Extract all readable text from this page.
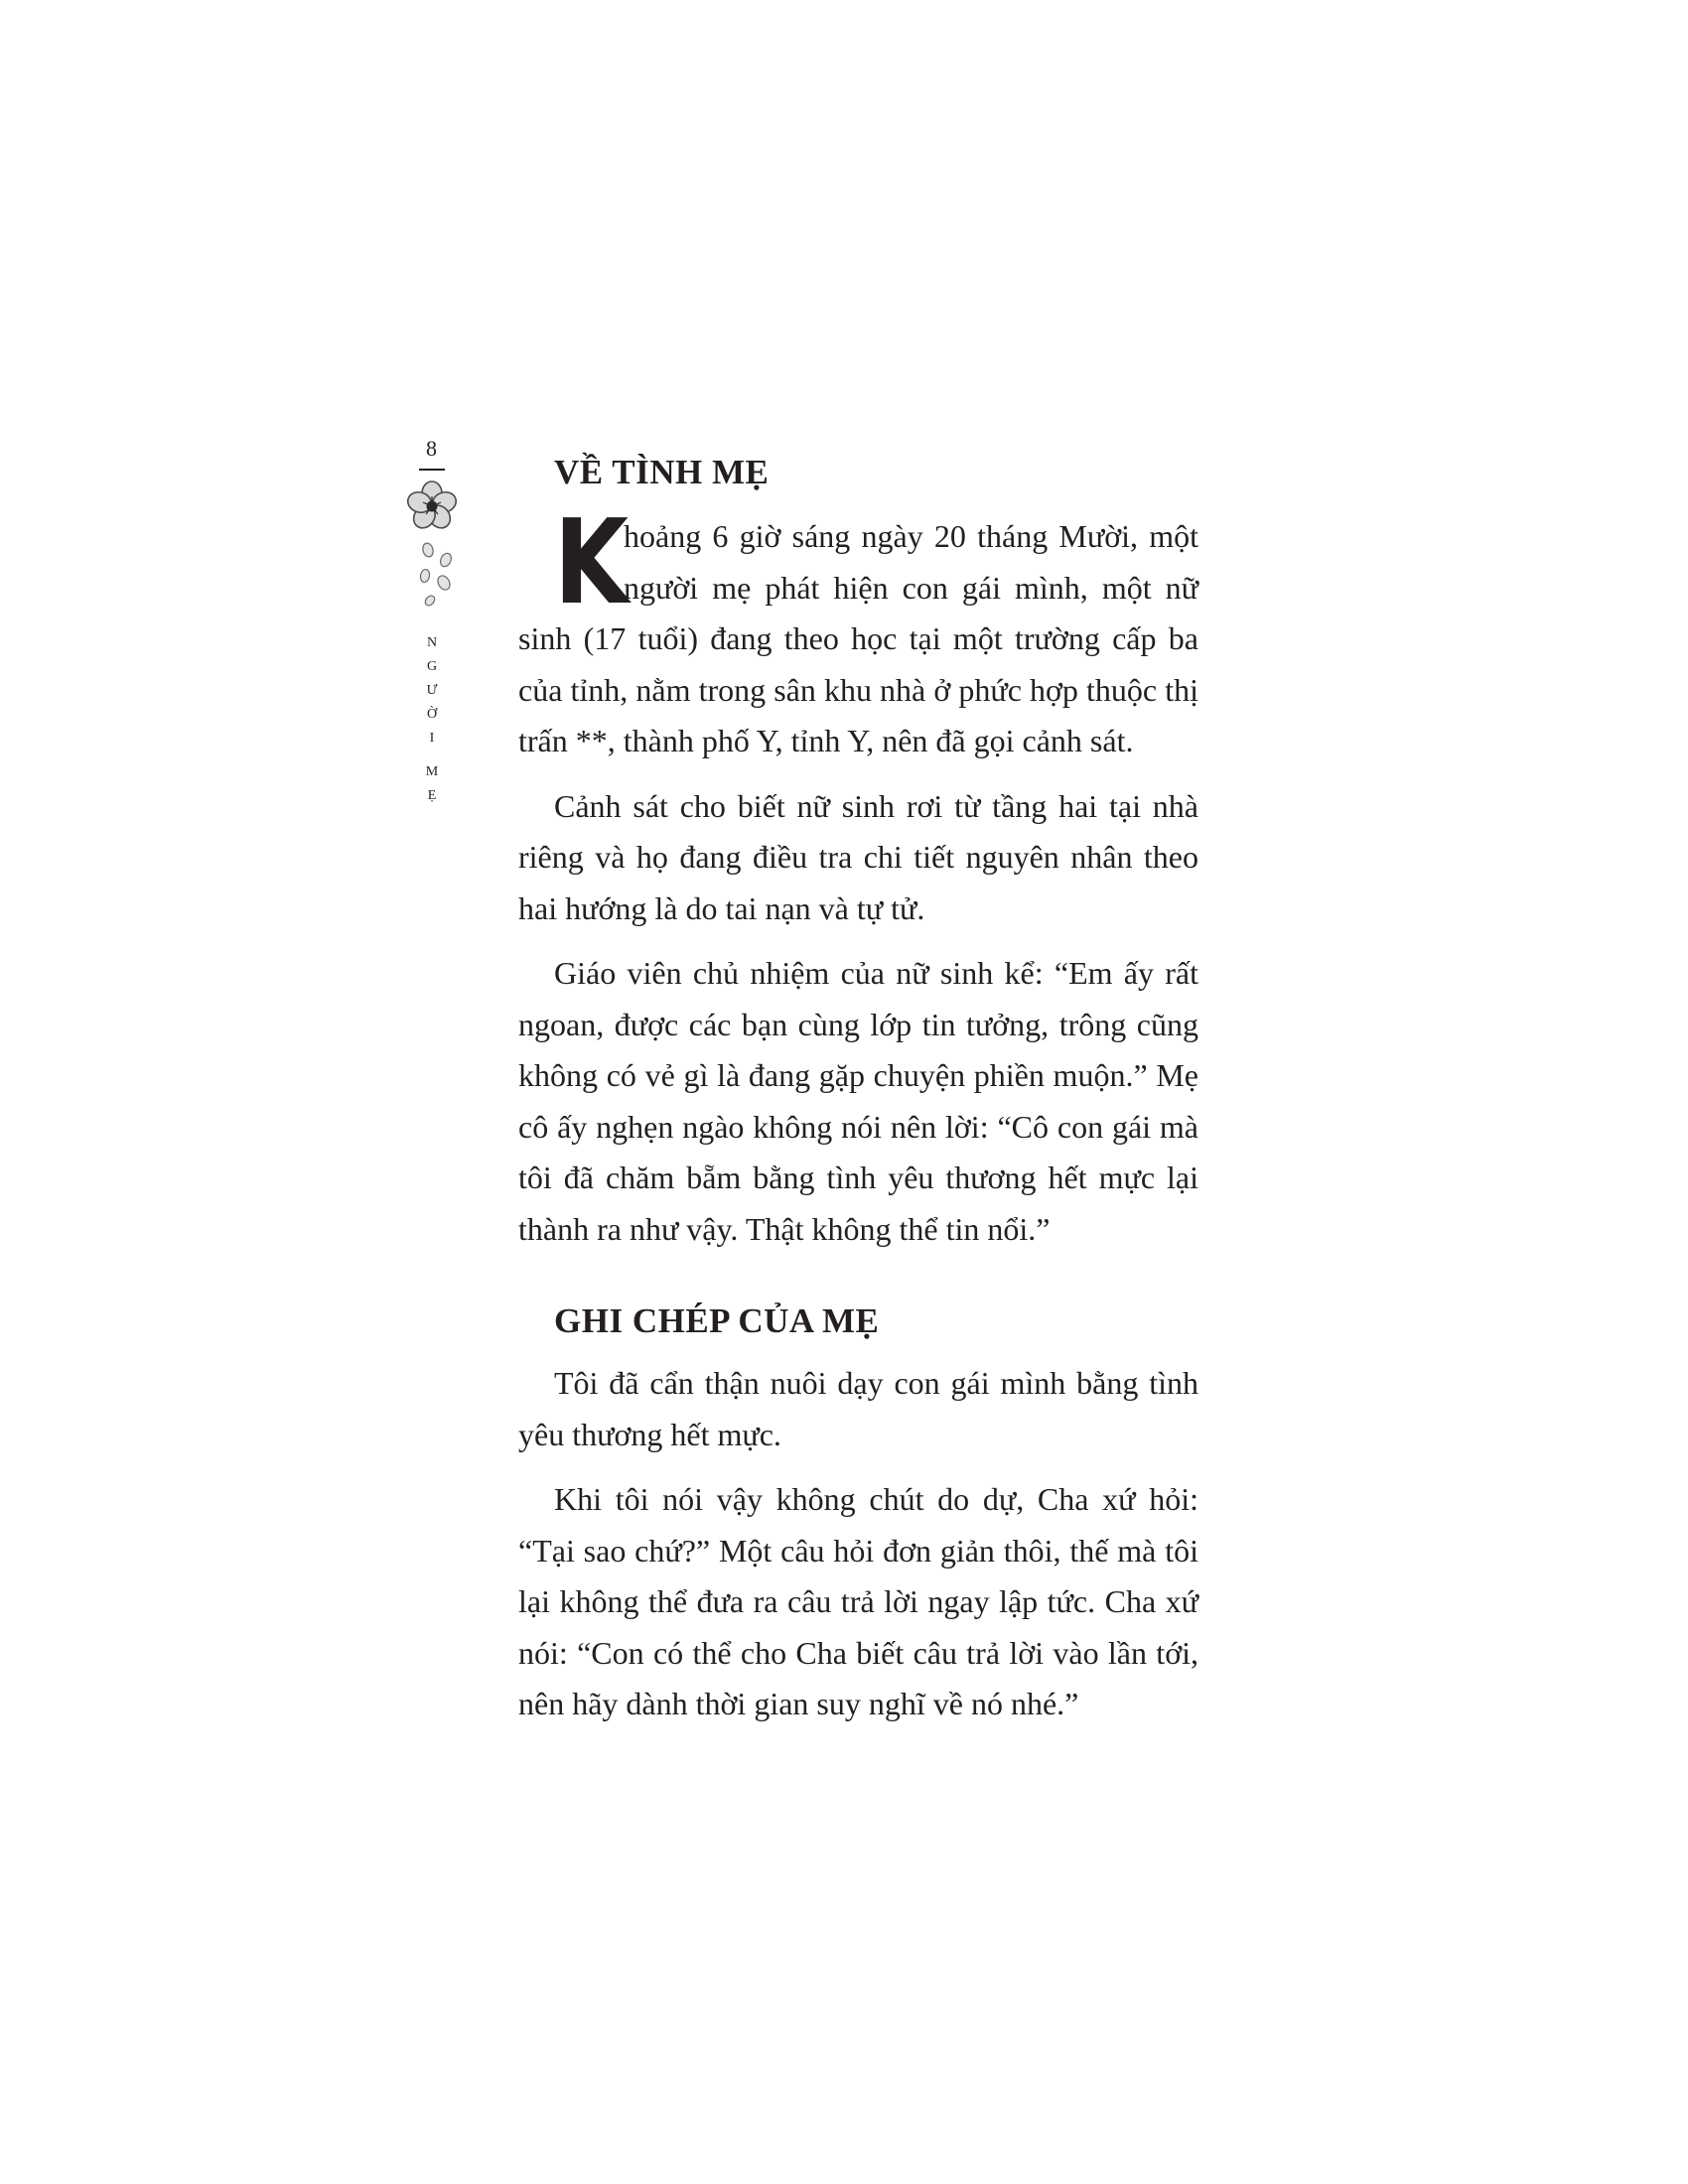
8
N
G
Ư
Ờ
I
M
Ẹ
VỀ TÌNH MẸ

K
hoảng 6 giờ sáng ngày 20 tháng Mười, một người mẹ phát hiện con gái mình, một nữ sinh (17 tuổi) đang theo học tại một trường cấp ba của tỉnh, nằm trong sân khu nhà ở phức hợp thuộc thị trấn **, thành phố Y, tỉnh Y, nên đã gọi cảnh sát.

Cảnh sát cho biết nữ sinh rơi từ tầng hai tại nhà riêng và họ đang điều tra chi tiết nguyên nhân theo hai hướng là do tai nạn và tự tử.

Giáo viên chủ nhiệm của nữ sinh kể: “Em ấy rất ngoan, được các bạn cùng lớp tin tưởng, trông cũng không có vẻ gì là đang gặp chuyện phiền muộn.” Mẹ cô ấy nghẹn ngào không nói nên lời: “Cô con gái mà tôi đã chăm bẵm bằng tình yêu thương hết mực lại thành ra như vậy. Thật không thể tin nổi.”

GHI CHÉP CỦA MẸ

Tôi đã cẩn thận nuôi dạy con gái mình bằng tình yêu thương hết mực.

Khi tôi nói vậy không chút do dự, Cha xứ hỏi: “Tại sao chứ?” Một câu hỏi đơn giản thôi, thế mà tôi lại không thể đưa ra câu trả lời ngay lập tức. Cha xứ nói: “Con có thể cho Cha biết câu trả lời vào lần tới, nên hãy dành thời gian suy nghĩ về nó nhé.”
